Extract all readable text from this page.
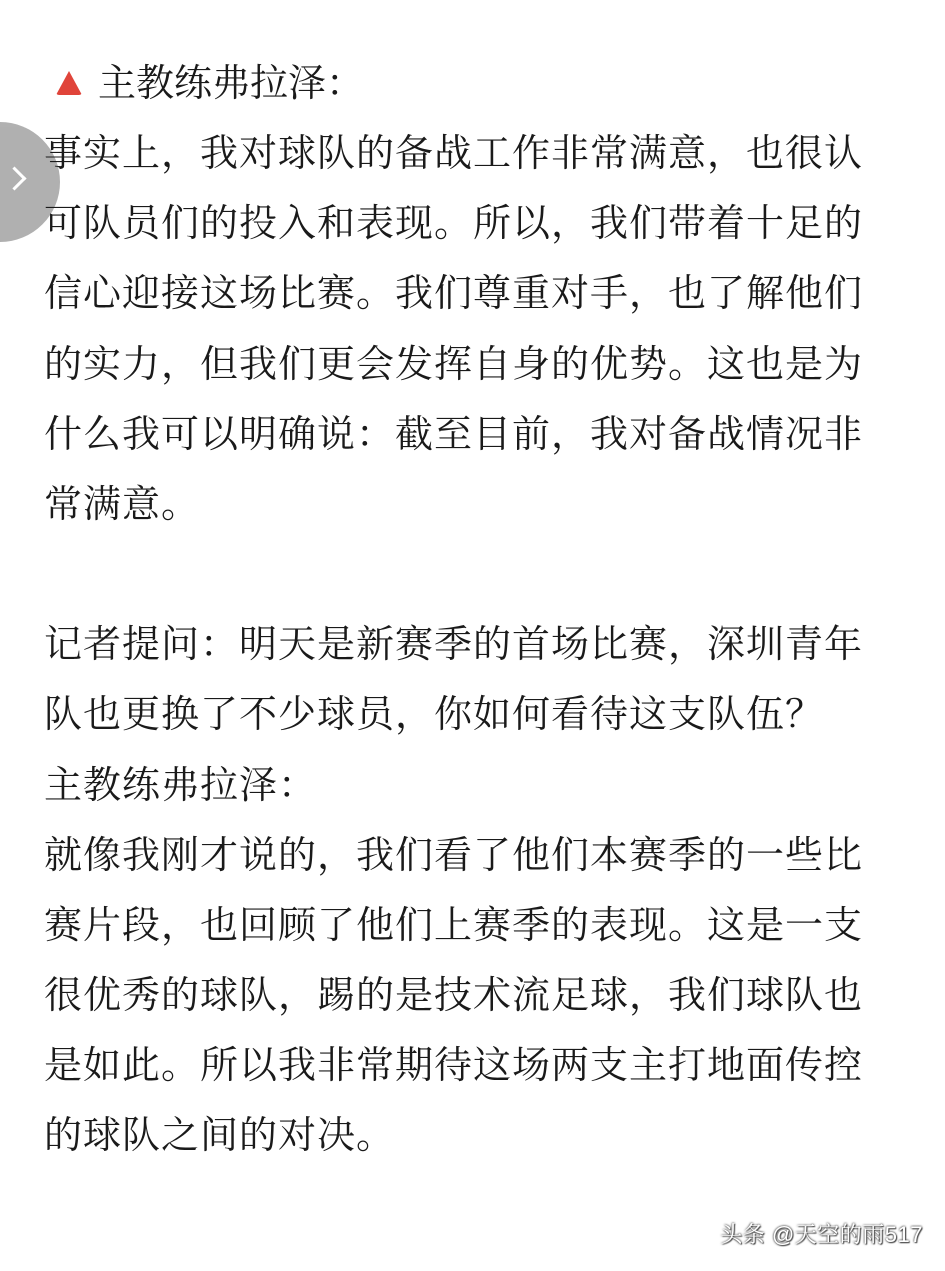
主教练弗拉泽：

事实上，我对球队的备战工作非常满意，也很认可队员们的投入和表现。所以，我们带着十足的信心迎接这场比赛。我们尊重对手，也了解他们的实力，但我们更会发挥自身的优势。这也是为什么我可以明确说：截至目前，我对备战情况非常满意。

记者提问：明天是新赛季的首场比赛，深圳青年队也更换了不少球员，你如何看待这支队伍？

主教练弗拉泽：

就像我刚才说的，我们看了他们本赛季的一些比赛片段，也回顾了他们上赛季的表现。这是一支很优秀的球队，踢的是技术流足球，我们球队也是如此。所以我非常期待这场两支主打地面传控的球队之间的对决。

头条 @天空的雨517
